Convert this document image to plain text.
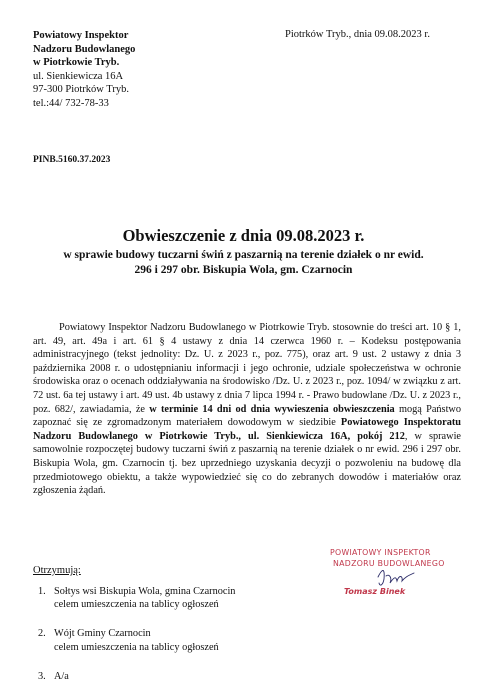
Powiatowy Inspektor
Nadzoru Budowlanego
w Piotrkowie Tryb.
ul. Sienkiewicza 16A
97-300 Piotrków Tryb.
tel.:44/ 732-78-33
Piotrków Tryb., dnia 09.08.2023 r.
PINB.5160.37.2023
Obwieszczenie z dnia 09.08.2023 r.
w sprawie budowy tuczarni świń z paszarnią na terenie działek o nr ewid.
296 i 297 obr. Biskupia Wola, gm. Czarnocin
Powiatowy Inspektor Nadzoru Budowlanego w Piotrkowie Tryb. stosownie do treści art. 10 § 1, art. 49, art. 49a i art. 61 § 4 ustawy z dnia 14 czerwca 1960 r. – Kodeksu postępowania administracyjnego (tekst jednolity: Dz. U. z 2023 r., poz. 775), oraz art. 9 ust. 2 ustawy z dnia 3 października 2008 r. o udostępnianiu informacji i jego ochronie, udziale społeczeństwa w ochronie środowiska oraz o ocenach oddziaływania na środowisko /Dz. U. z 2023 r., poz. 1094/ w związku z art. 72 ust. 6a tej ustawy i art. 49 ust. 4b ustawy z dnia 7 lipca 1994 r. - Prawo budowlane /Dz. U. z 2023 r., poz. 682/, zawiadamia, że w terminie 14 dni od dnia wywieszenia obwieszczenia mogą Państwo zapoznać się ze zgromadzonym materiałem dowodowym w siedzibie Powiatowego Inspektoratu Nadzoru Budowlanego w Piotrkowie Tryb., ul. Sienkiewicza 16A, pokój 212, w sprawie samowolnie rozpoczętej budowy tuczarni świń z paszarnią na terenie działek o nr ewid. 296 i 297 obr. Biskupia Wola, gm. Czarnocin tj. bez uprzedniego uzyskania decyzji o pozwoleniu na budowę dla przedmiotowego obiektu, a także wypowiedzieć się co do zebranych dowodów i materiałów oraz zgłoszenia żądań.
Otrzymują:
1. Sołtys wsi Biskupia Wola, gmina Czarnocin
celem umieszczenia na tablicy ogłoszeń
2. Wójt Gminy Czarnocin
celem umieszczenia na tablicy ogłoszeń
3. A/a
POWIATOWY INSPEKTOR
NADZORU BUDOWLANEGO
Tomasz Binek
